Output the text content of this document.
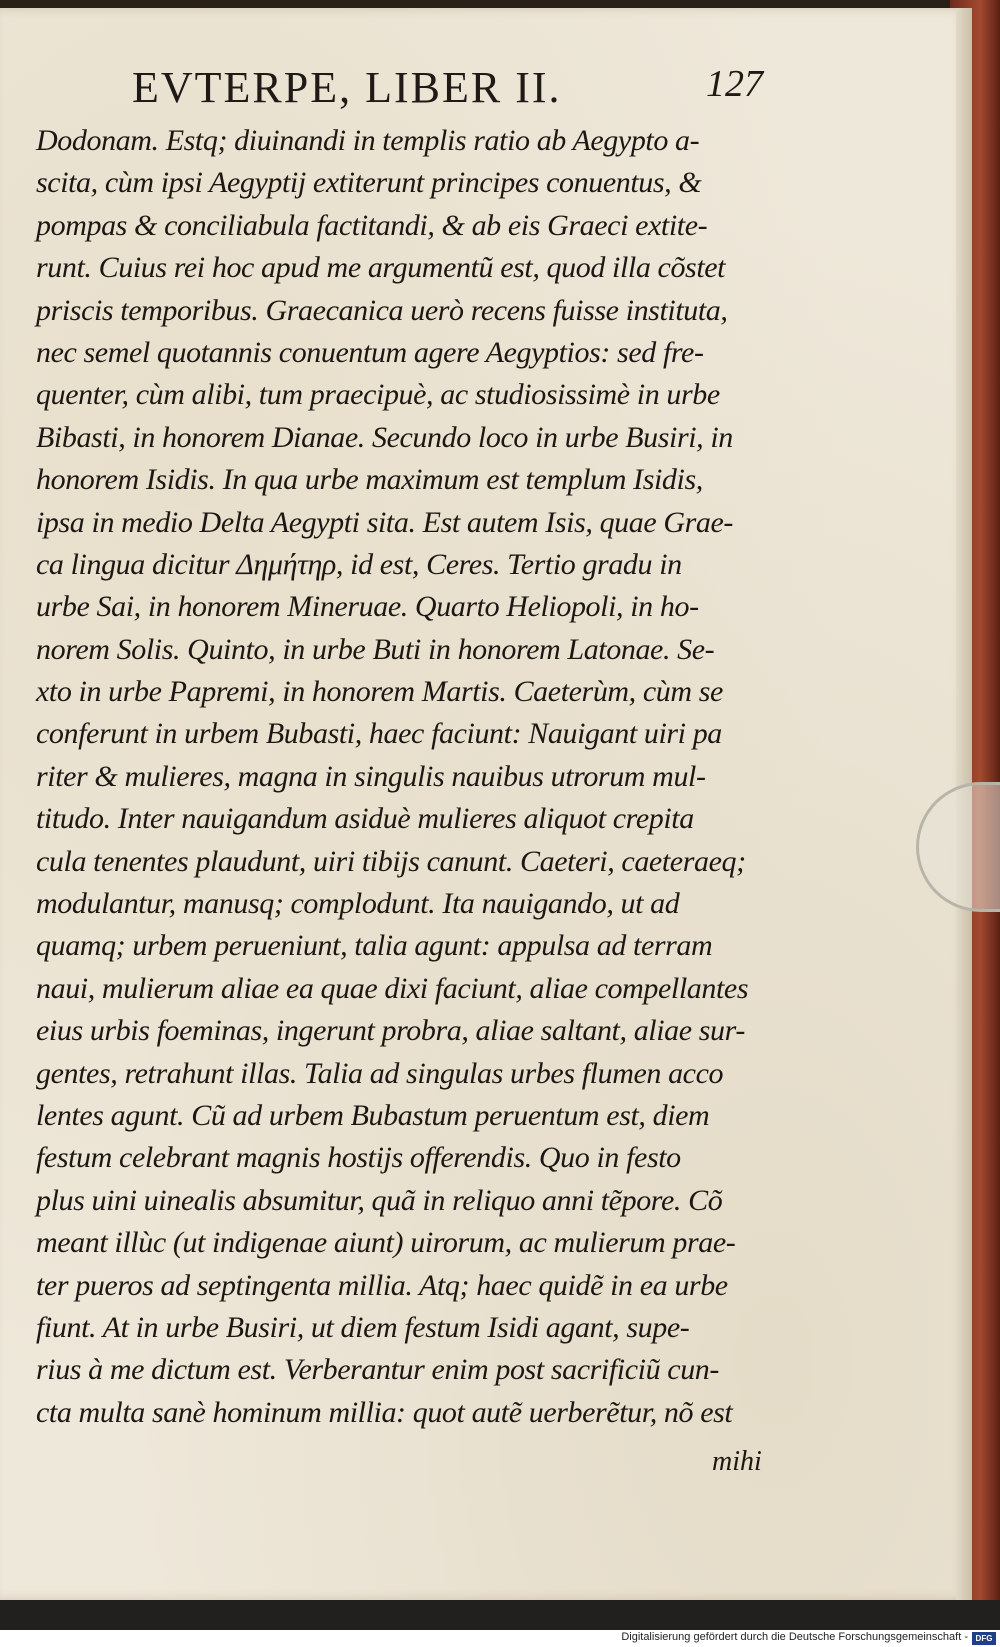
EVTERPE, LIBER II.	127
Dodonam. Estq; diuinandi in templis ratio ab Aegypto a-
scita, cùm ipsi Aegyptij extiterunt principes conuentus, &
pompas & conciliabula factitandi, & ab eis Graeci extite-
runt. Cuius rei hoc apud me argumentũ est, quod illa cõstet
priscis temporibus. Graecanica uerò recens fuisse instituta,
nec semel quotannis conuentum agere Aegyptios: sed fre-
quenter, cùm alibi, tum praecipuè, ac studiosissimè in urbe
Bibasti, in honorem Dianae. Secundo loco in urbe Busiri, in
honorem Isidis. In qua urbe maximum est templum Isidis,
ipsa in medio Delta Aegypti sita. Est autem Isis, quae Grae-
ca lingua dicitur Δημήτηρ, id est, Ceres. Tertio gradu in
urbe Sai, in honorem Mineruae. Quarto Heliopoli, in ho-
norem Solis. Quinto, in urbe Buti in honorem Latonae. Se-
xto in urbe Papremi, in honorem Martis. Caeterùm, cùm se
conferunt in urbem Bubasti, haec faciunt: Nauigant uiri pa
riter & mulieres, magna in singulis nauibus utrorum mul-
titudo. Inter nauigandum asiduè mulieres aliquot crepita
cula tenentes plaudunt, uiri tibijs canunt. Caeteri, caeteraeq;
modulantur, manusq; complodunt. Ita nauigando, ut ad
quamq; urbem perueniunt, talia agunt: appulsa ad terram
naui, mulierum aliae ea quae dixi faciunt, aliae compellantes
eius urbis foeminas, ingerunt probra, aliae saltant, aliae sur-
gentes, retrahunt illas. Talia ad singulas urbes flumen acco
lentes agunt. Cũ ad urbem Bubastum peruentum est, diem
festum celebrant magnis hostijs offerendis. Quo in festo
plus uini uinealis absumitur, quã in reliquo anni tẽpore. Cõ
meant illùc (ut indigenae aiunt) uirorum, ac mulierum prae-
ter pueros ad septingenta millia. Atq; haec quidẽ in ea urbe
fiunt. At in urbe Busiri, ut diem festum Isidi agant, supe-
rius à me dictum est. Verberantur enim post sacrificiũ cun-
cta multa sanè hominum millia: quot autẽ uerberẽtur, nõ est
mihi
Digitalisierung gefördert durch die Deutsche Forschungsgemeinschaft - DFG
